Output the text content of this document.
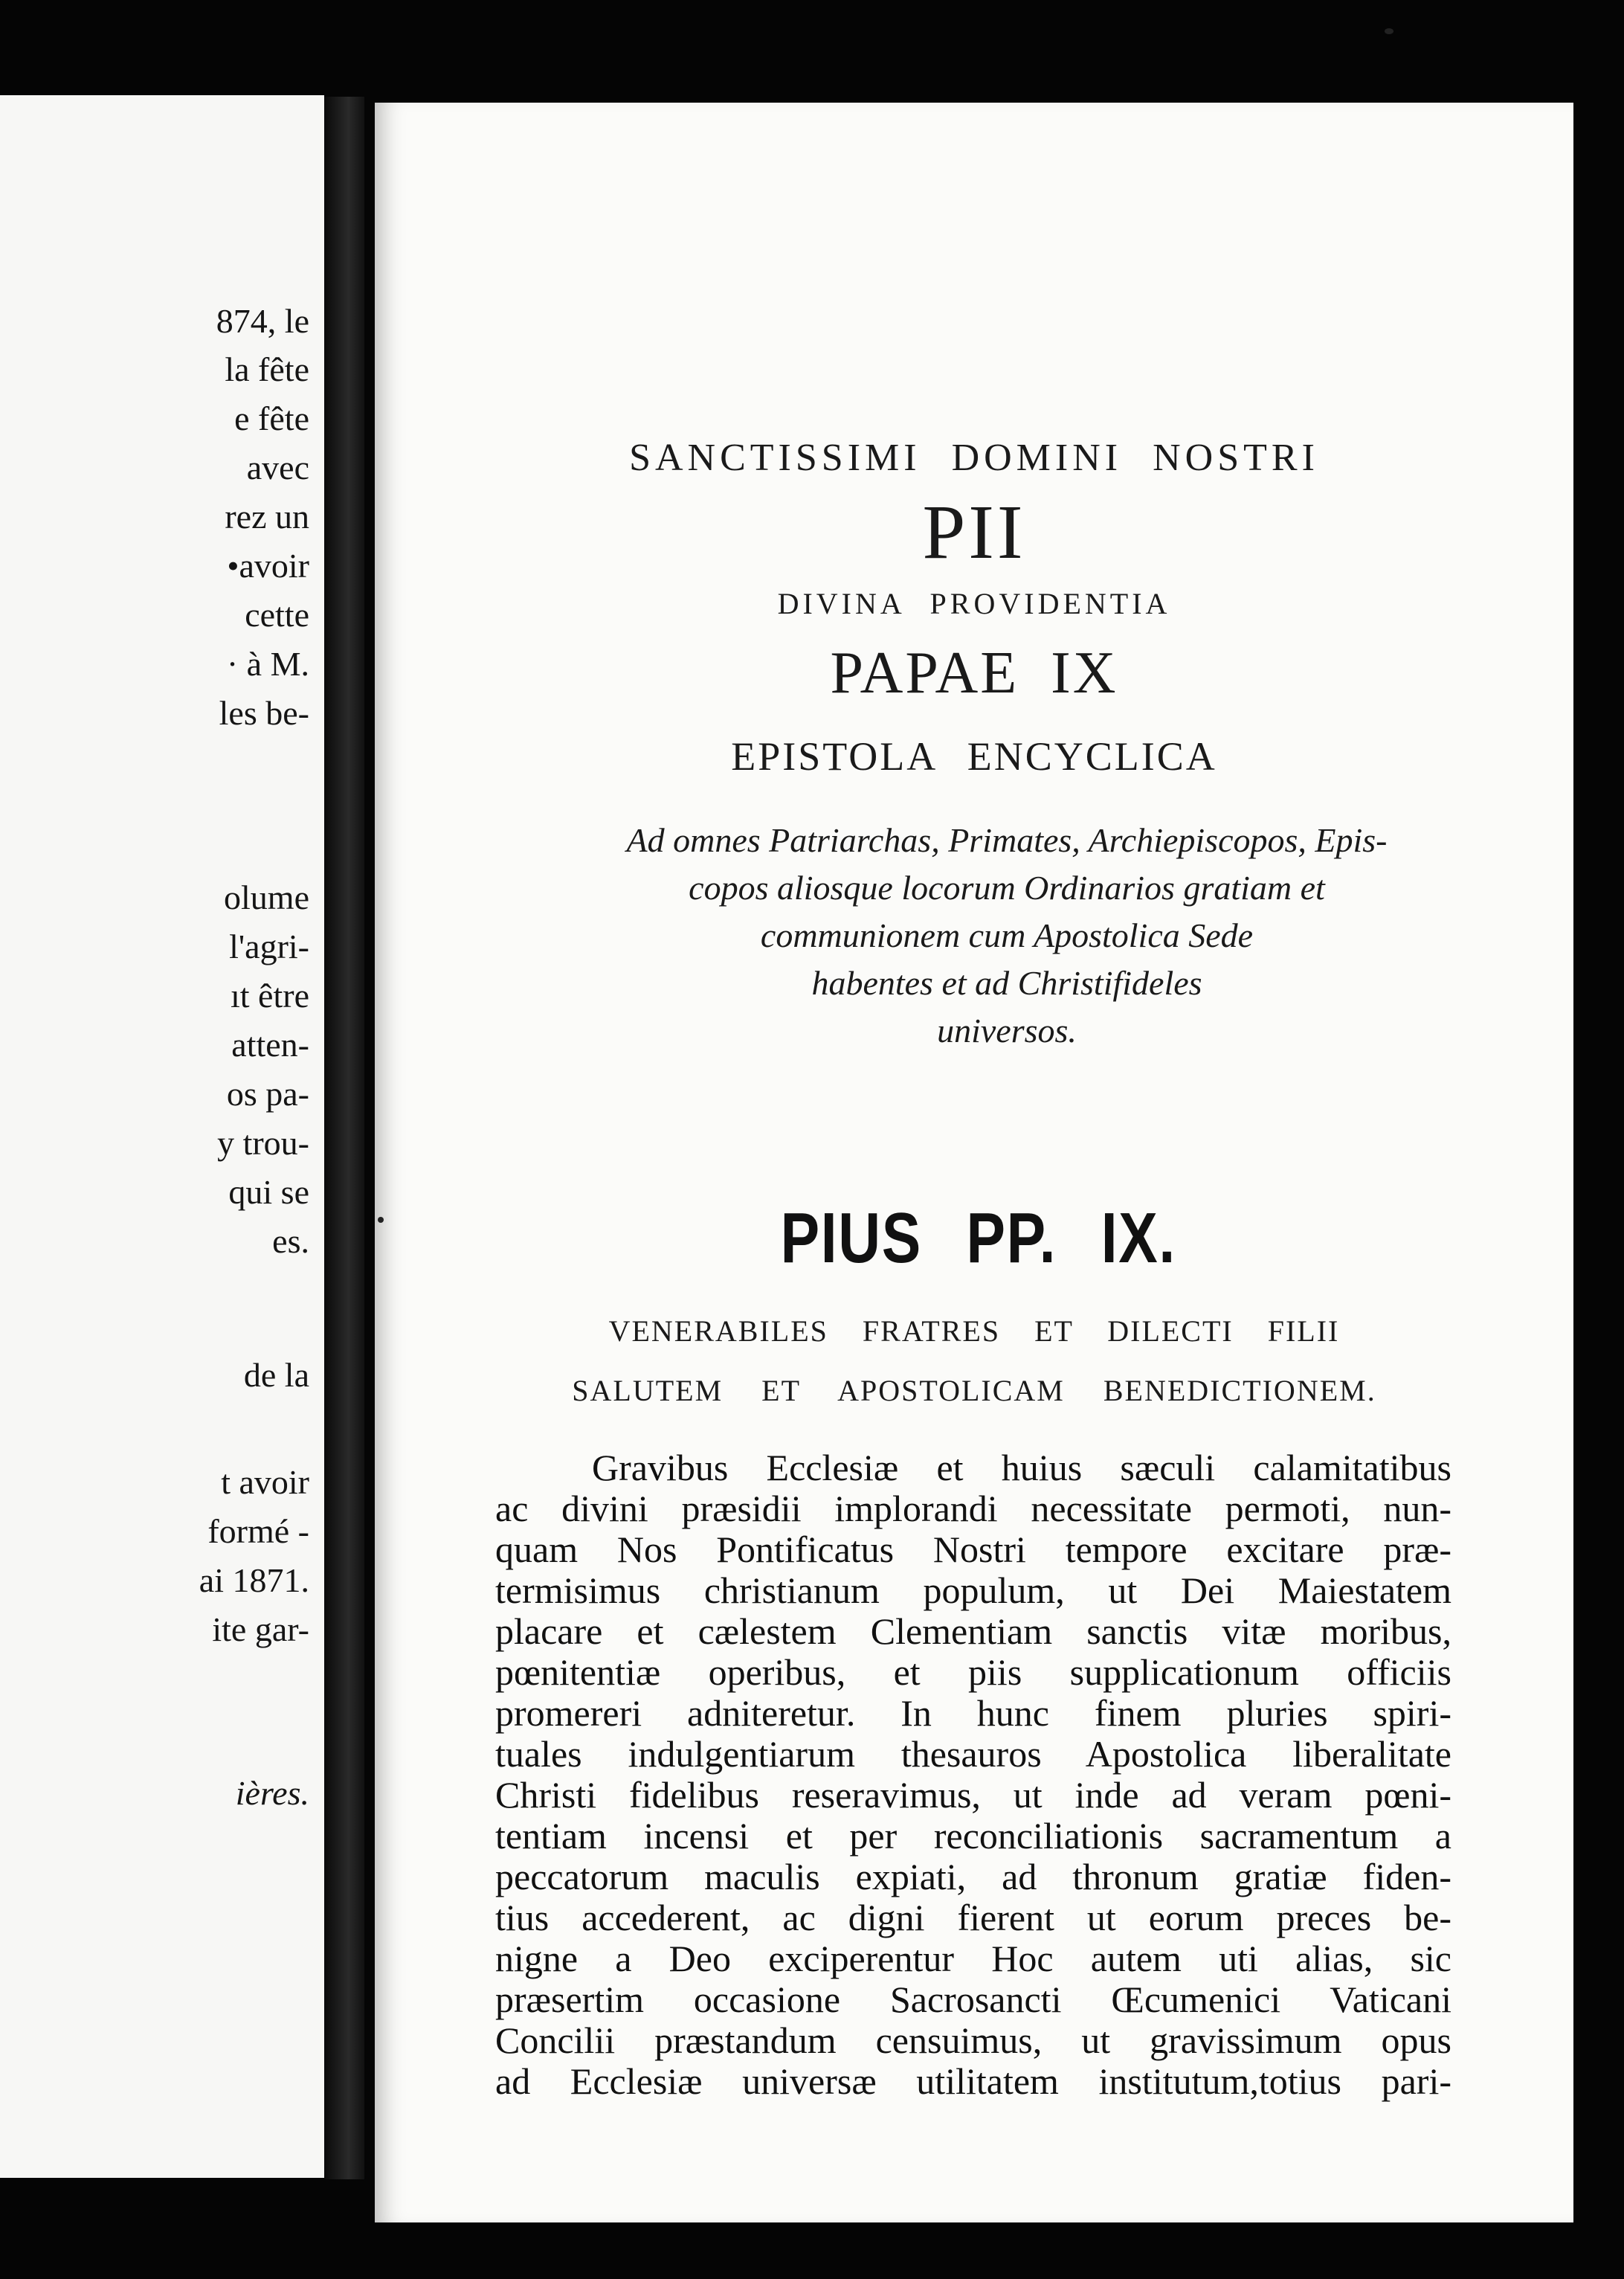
874, le
la fête
e fête
avec
rez un
•avoir
cette
· à M.
les be-
olume
l'agri-
ıt être
atten-
os pa-
y trou-
qui se
es.
de la
t avoir
formé -
ai 1871.
ite gar-
ières.
SANCTISSIMI DOMINI NOSTRI
PII
DIVINA PROVIDENTIA
PAPAE IX
EPISTOLA ENCYCLICA
Ad omnes Patriarchas, Primates, Archiepiscopos, Epis-
copos aliosque locorum Ordinarios gratiam et
communionem cum Apostolica Sede
habentes et ad Christifideles
universos.
PIUS PP. IX.
VENERABILES FRATRES ET DILECTI FILII
SALUTEM ET APOSTOLICAM BENEDICTIONEM.
Gravibus Ecclesiæ et huius sæculi calamitatibus
ac divini præsidii implorandi necessitate permoti, nun-
quam Nos Pontificatus Nostri tempore excitare præ-
termisimus christianum populum, ut Dei Maiestatem
placare et cælestem Clementiam sanctis vitæ moribus,
pœnitentiæ operibus, et piis supplicationum officiis
promereri adniteretur. In hunc finem pluries spiri-
tuales indulgentiarum thesauros Apostolica liberalitate
Christi fidelibus reseravimus, ut inde ad veram pœni-
tentiam incensi et per reconciliationis sacramentum a
peccatorum maculis expiati, ad thronum gratiæ fiden-
tius accederent, ac digni fierent ut eorum preces be-
nigne a Deo exciperentur Hoc autem uti alias, sic
præsertim occasione Sacrosancti Œcumenici Vaticani
Concilii præstandum censuimus, ut gravissimum opus
ad Ecclesiæ universæ utilitatem institutum,totius pari-
